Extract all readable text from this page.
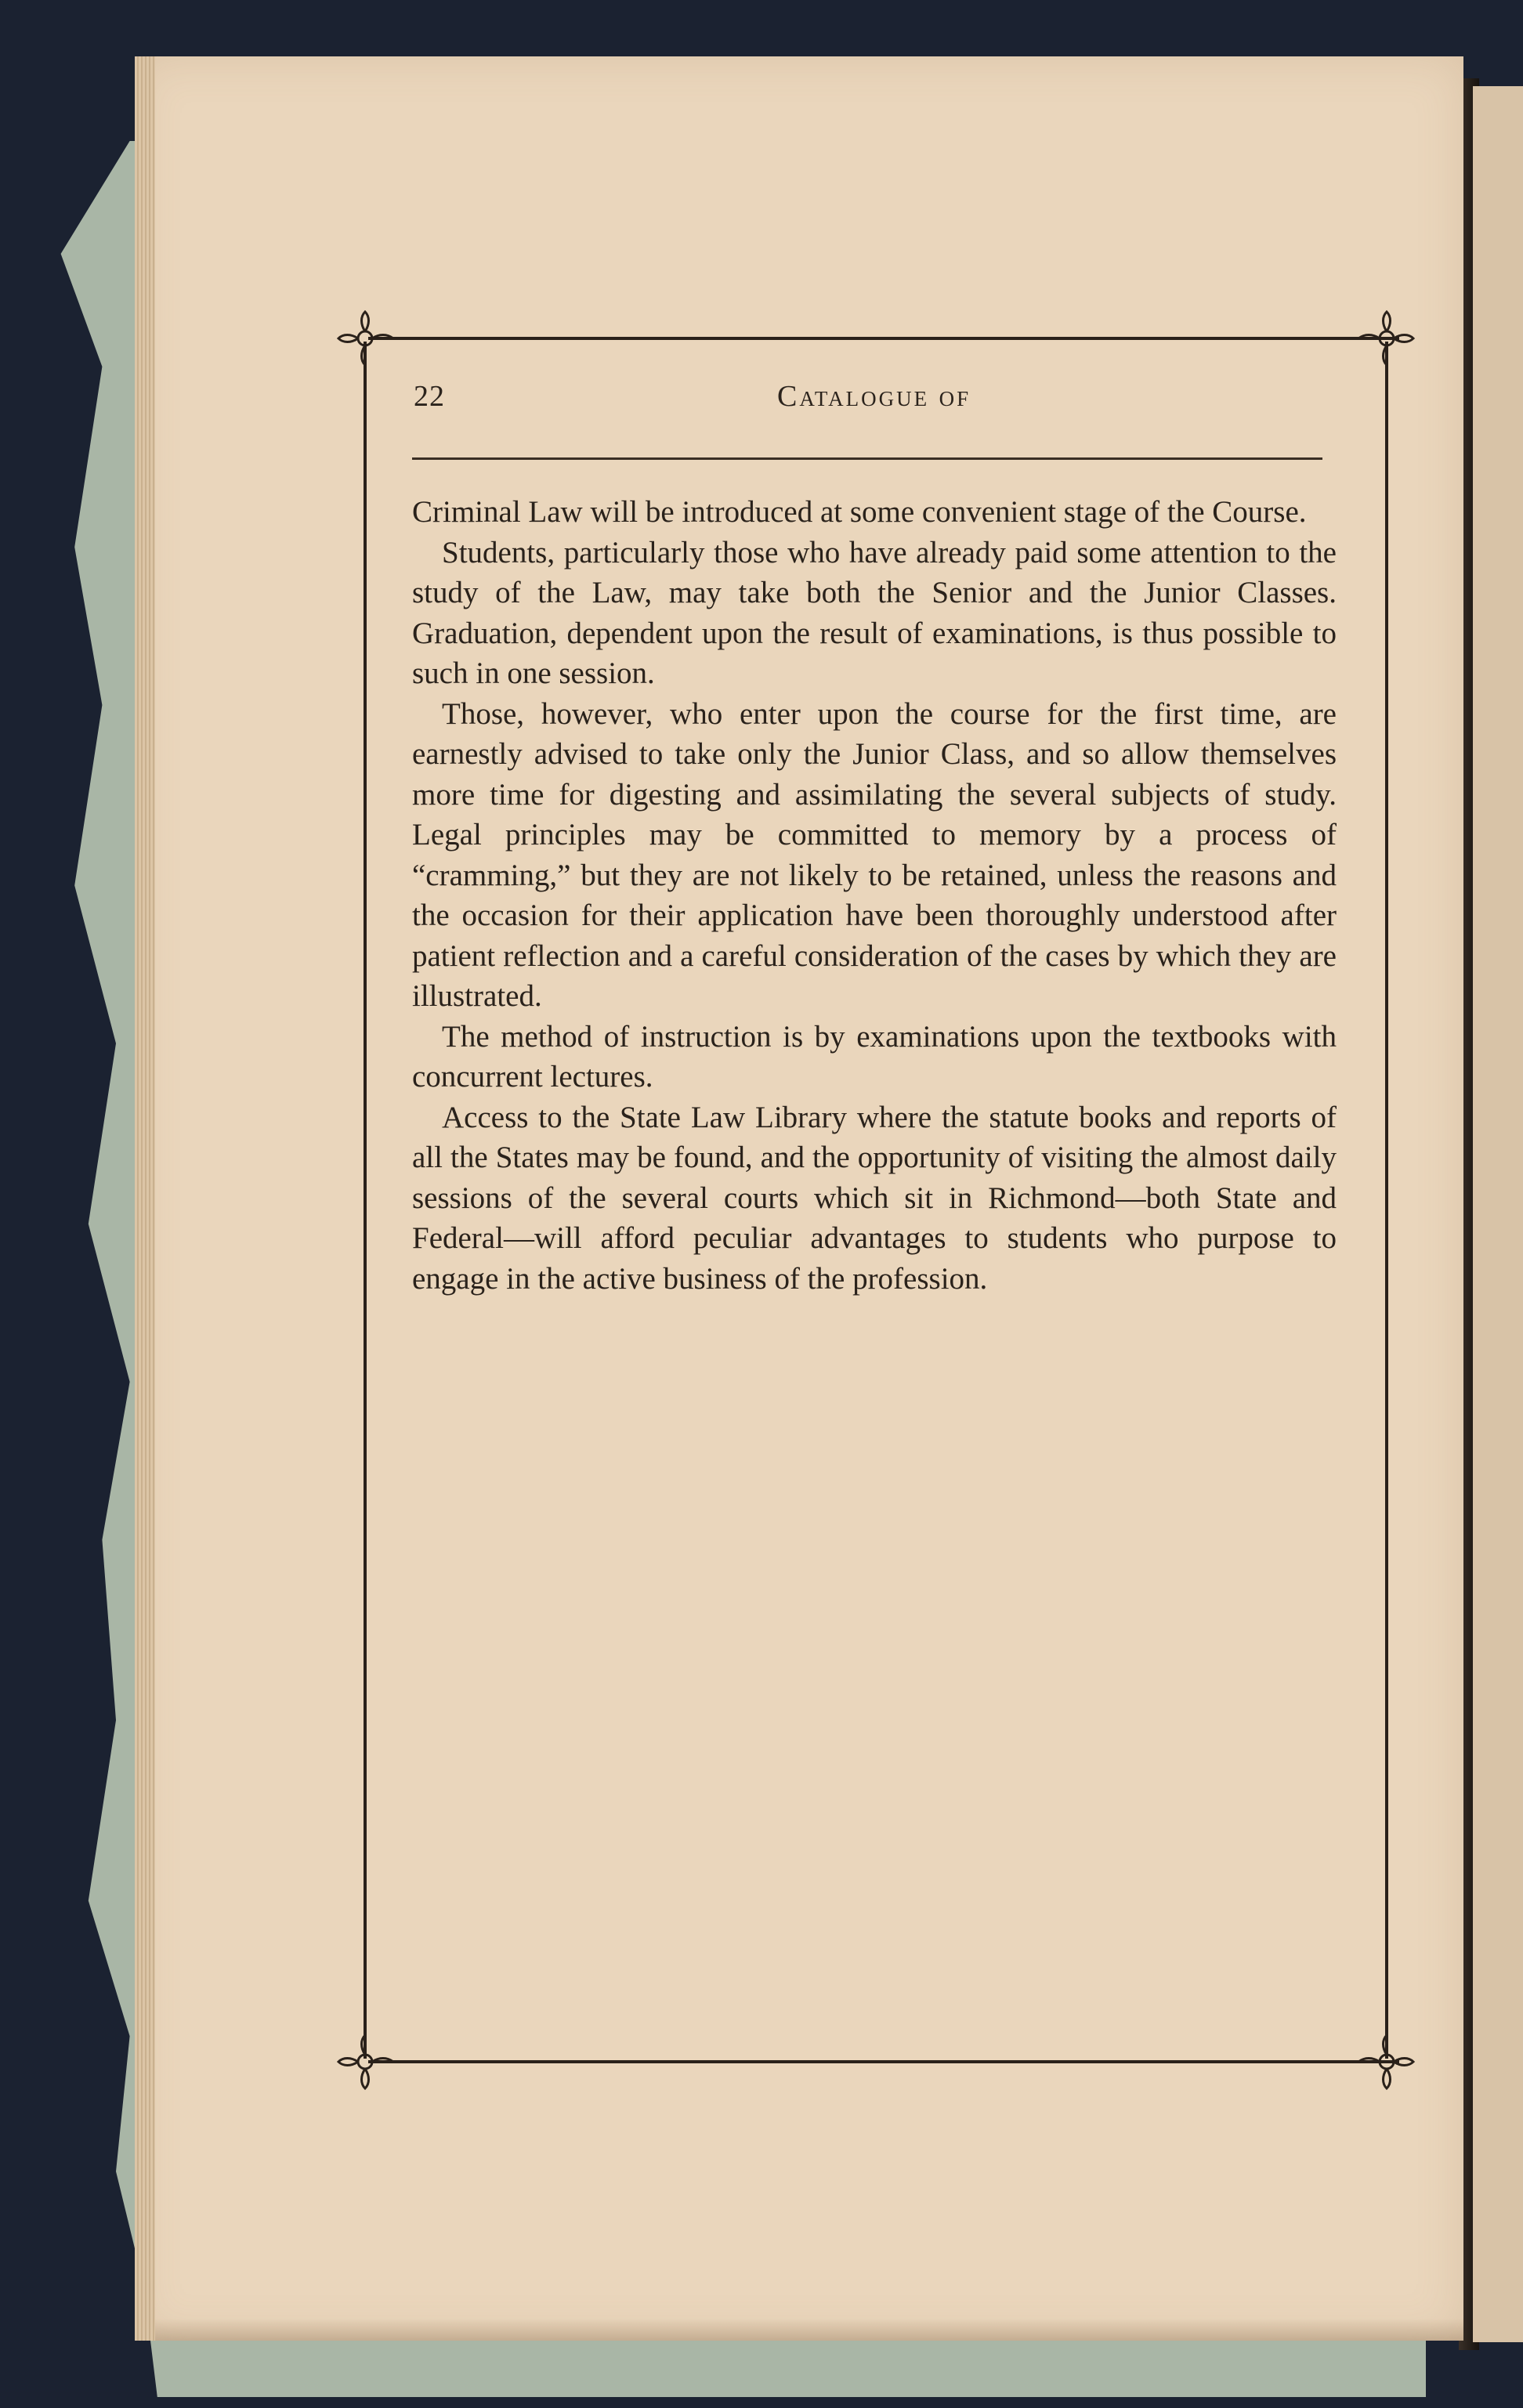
22	Catalogue of

Criminal Law will be introduced at some convenient stage of the Course.

Students, particularly those who have already paid some attention to the study of the Law, may take both the Senior and the Junior Classes. Graduation, dependent upon the result of examinations, is thus possible to such in one session.

Those, however, who enter upon the course for the first time, are earnestly advised to take only the Junior Class, and so allow themselves more time for digesting and assimilating the several subjects of study. Legal principles may be committed to memory by a process of “cramming,” but they are not likely to be retained, unless the reasons and the occasion for their application have been thoroughly understood after patient reflection and a careful consideration of the cases by which they are illustrated.

The method of instruction is by examinations upon the textbooks with concurrent lectures.

Access to the State Law Library where the statute books and reports of all the States may be found, and the opportunity of visiting the almost daily sessions of the several courts which sit in Richmond—both State and Federal—will afford peculiar advantages to students who purpose to engage in the active business of the profession.
